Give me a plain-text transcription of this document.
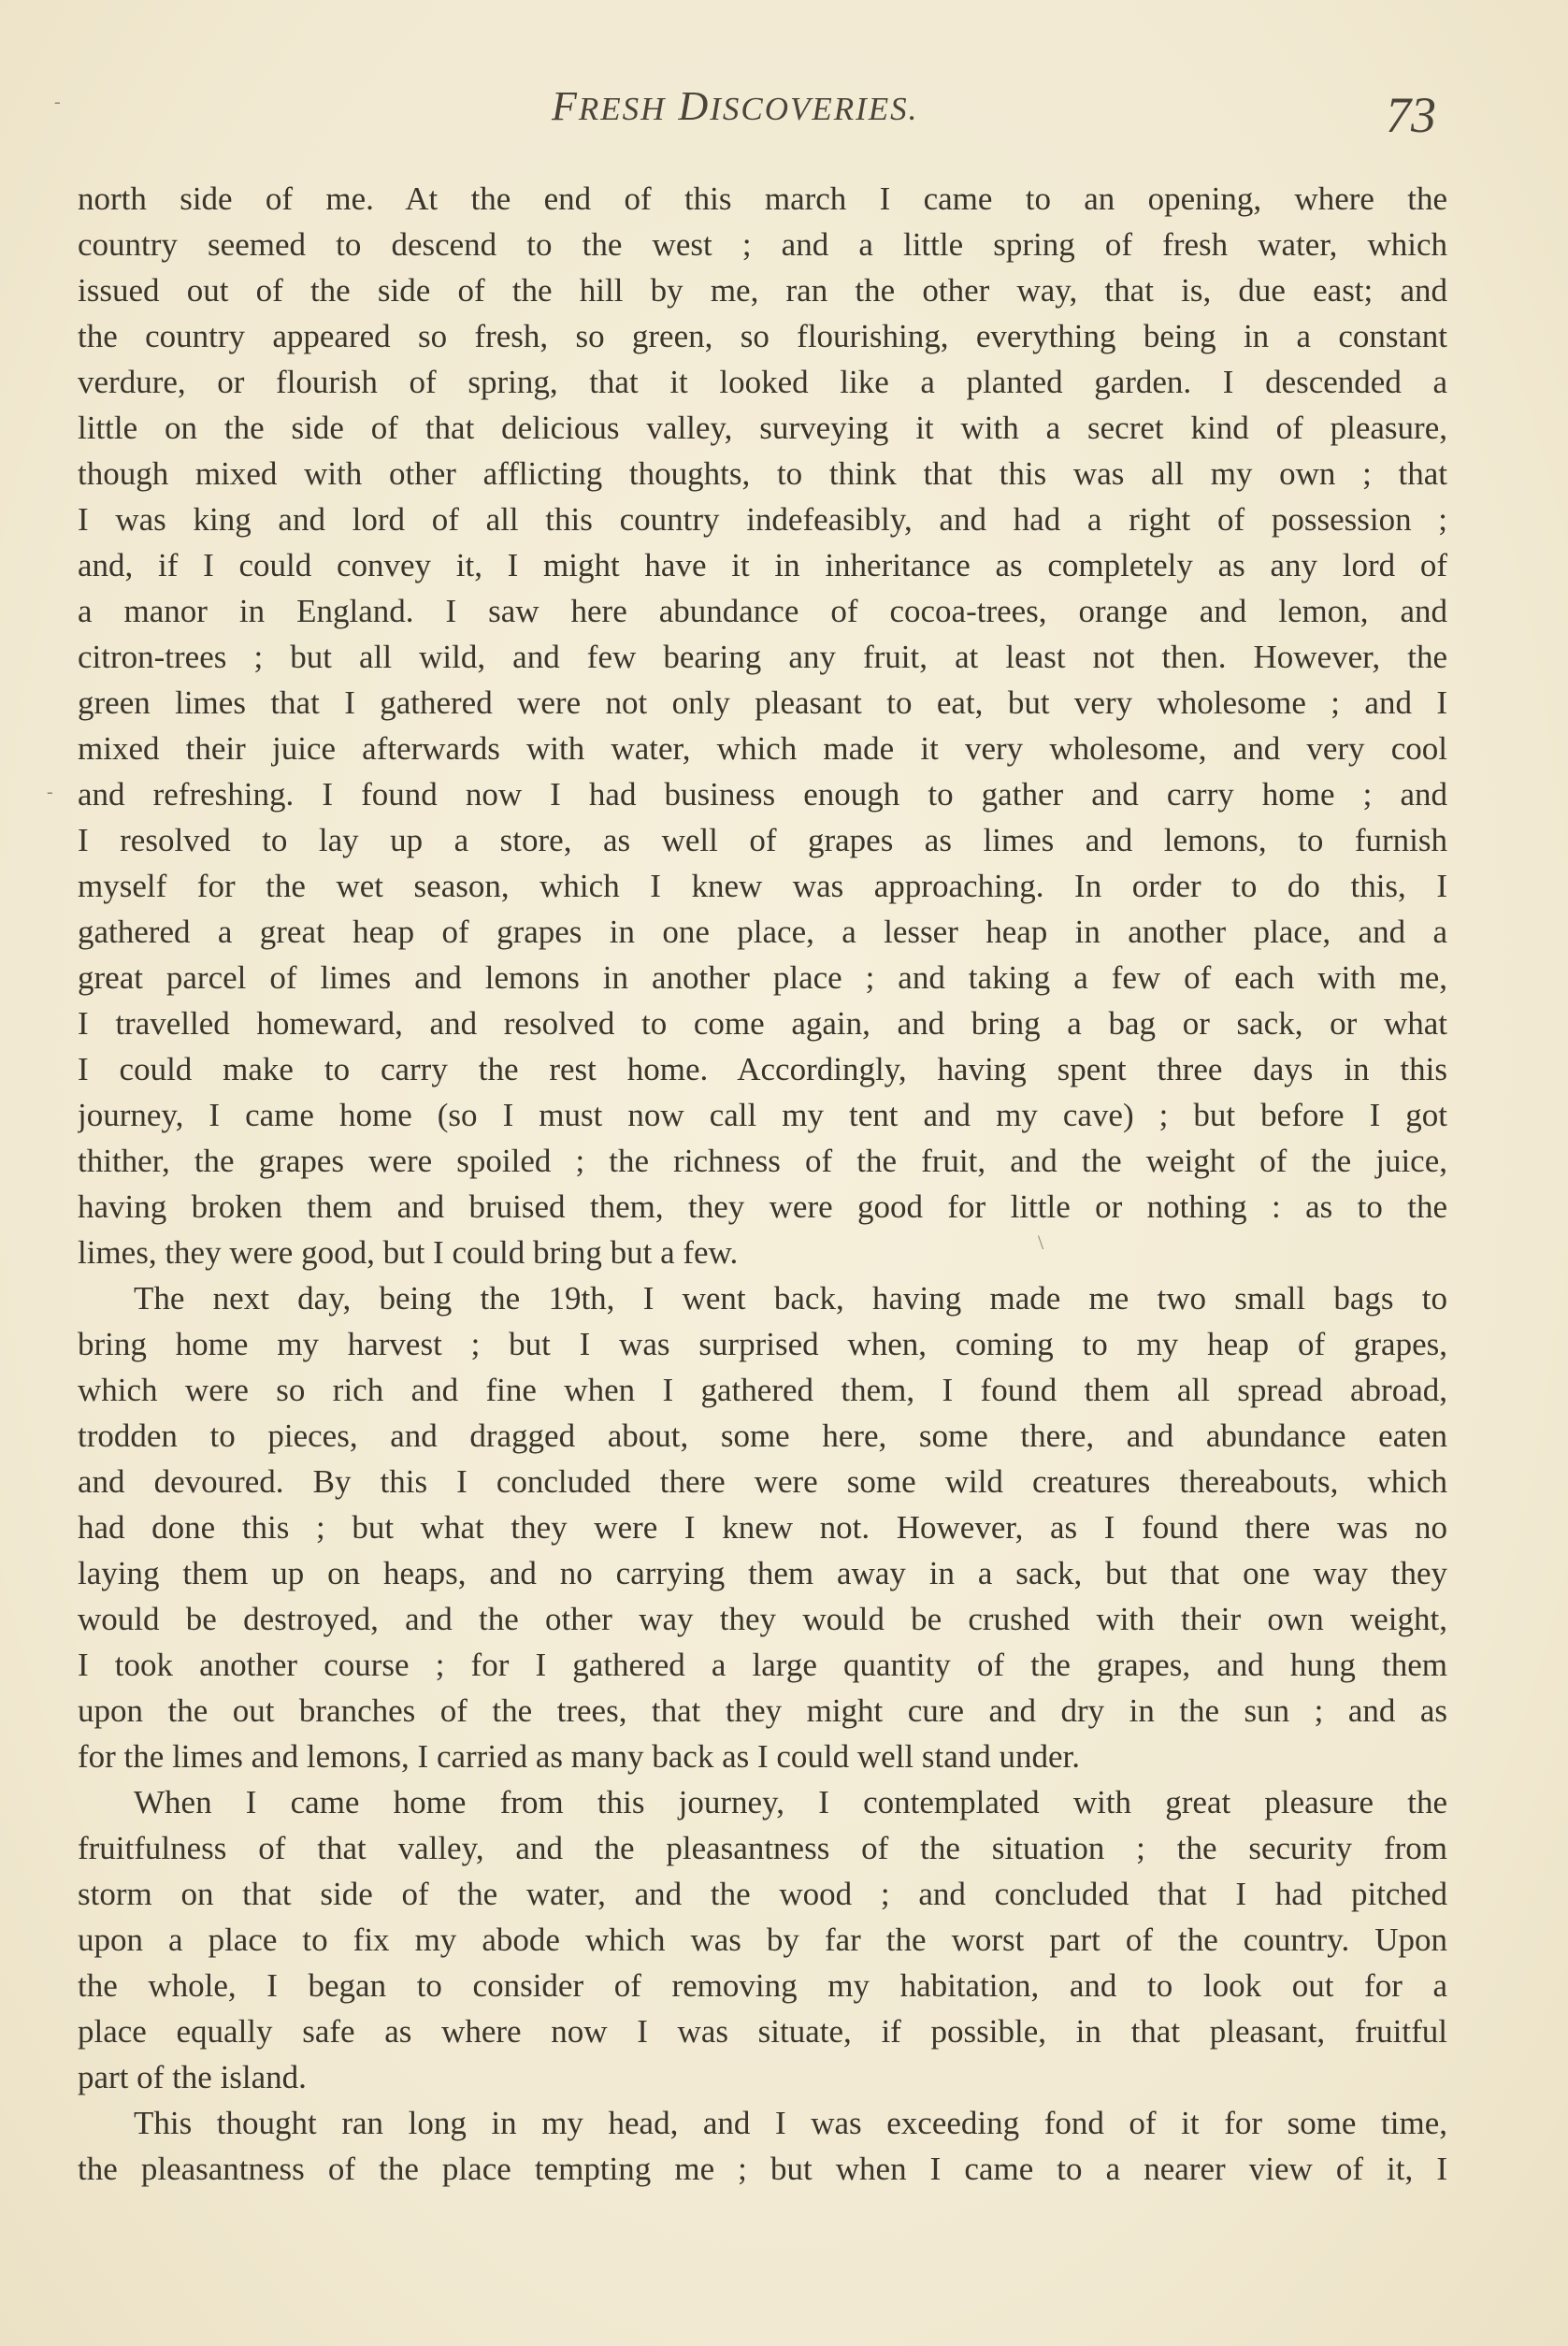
FRESH DISCOVERIES.	73
-
-
\
north side of me. At the end of this march I came to an opening, where the
country seemed to descend to the west ; and a little spring of fresh water, which
issued out of the side of the hill by me, ran the other way, that is, due east; and
the country appeared so fresh, so green, so flourishing, everything being in a constant
verdure, or flourish of spring, that it looked like a planted garden. I descended a
little on the side of that delicious valley, surveying it with a secret kind of pleasure,
though mixed with other afflicting thoughts, to think that this was all my own ; that
I was king and lord of all this country indefeasibly, and had a right of possession ;
and, if I could convey it, I might have it in inheritance as completely as any lord of
a manor in England. I saw here abundance of cocoa-trees, orange and lemon, and
citron-trees ; but all wild, and few bearing any fruit, at least not then. However, the
green limes that I gathered were not only pleasant to eat, but very wholesome ; and I
mixed their juice afterwards with water, which made it very wholesome, and very cool
and refreshing. I found now I had business enough to gather and carry home ; and
I resolved to lay up a store, as well of grapes as limes and lemons, to furnish
myself for the wet season, which I knew was approaching. In order to do this, I
gathered a great heap of grapes in one place, a lesser heap in another place, and a
great parcel of limes and lemons in another place ; and taking a few of each with me,
I travelled homeward, and resolved to come again, and bring a bag or sack, or what
I could make to carry the rest home. Accordingly, having spent three days in this
journey, I came home (so I must now call my tent and my cave) ; but before I got
thither, the grapes were spoiled ; the richness of the fruit, and the weight of the juice,
having broken them and bruised them, they were good for little or nothing : as to the
limes, they were good, but I could bring but a few.
The next day, being the 19th, I went back, having made me two small bags to
bring home my harvest ; but I was surprised when, coming to my heap of grapes,
which were so rich and fine when I gathered them, I found them all spread abroad,
trodden to pieces, and dragged about, some here, some there, and abundance eaten
and devoured. By this I concluded there were some wild creatures thereabouts, which
had done this ; but what they were I knew not. However, as I found there was no
laying them up on heaps, and no carrying them away in a sack, but that one way they
would be destroyed, and the other way they would be crushed with their own weight,
I took another course ; for I gathered a large quantity of the grapes, and hung them
upon the out branches of the trees, that they might cure and dry in the sun ; and as
for the limes and lemons, I carried as many back as I could well stand under.
When I came home from this journey, I contemplated with great pleasure the
fruitfulness of that valley, and the pleasantness of the situation ; the security from
storm on that side of the water, and the wood ; and concluded that I had pitched
upon a place to fix my abode which was by far the worst part of the country. Upon
the whole, I began to consider of removing my habitation, and to look out for a
place equally safe as where now I was situate, if possible, in that pleasant, fruitful
part of the island.
This thought ran long in my head, and I was exceeding fond of it for some time,
the pleasantness of the place tempting me ; but when I came to a nearer view of it, I
